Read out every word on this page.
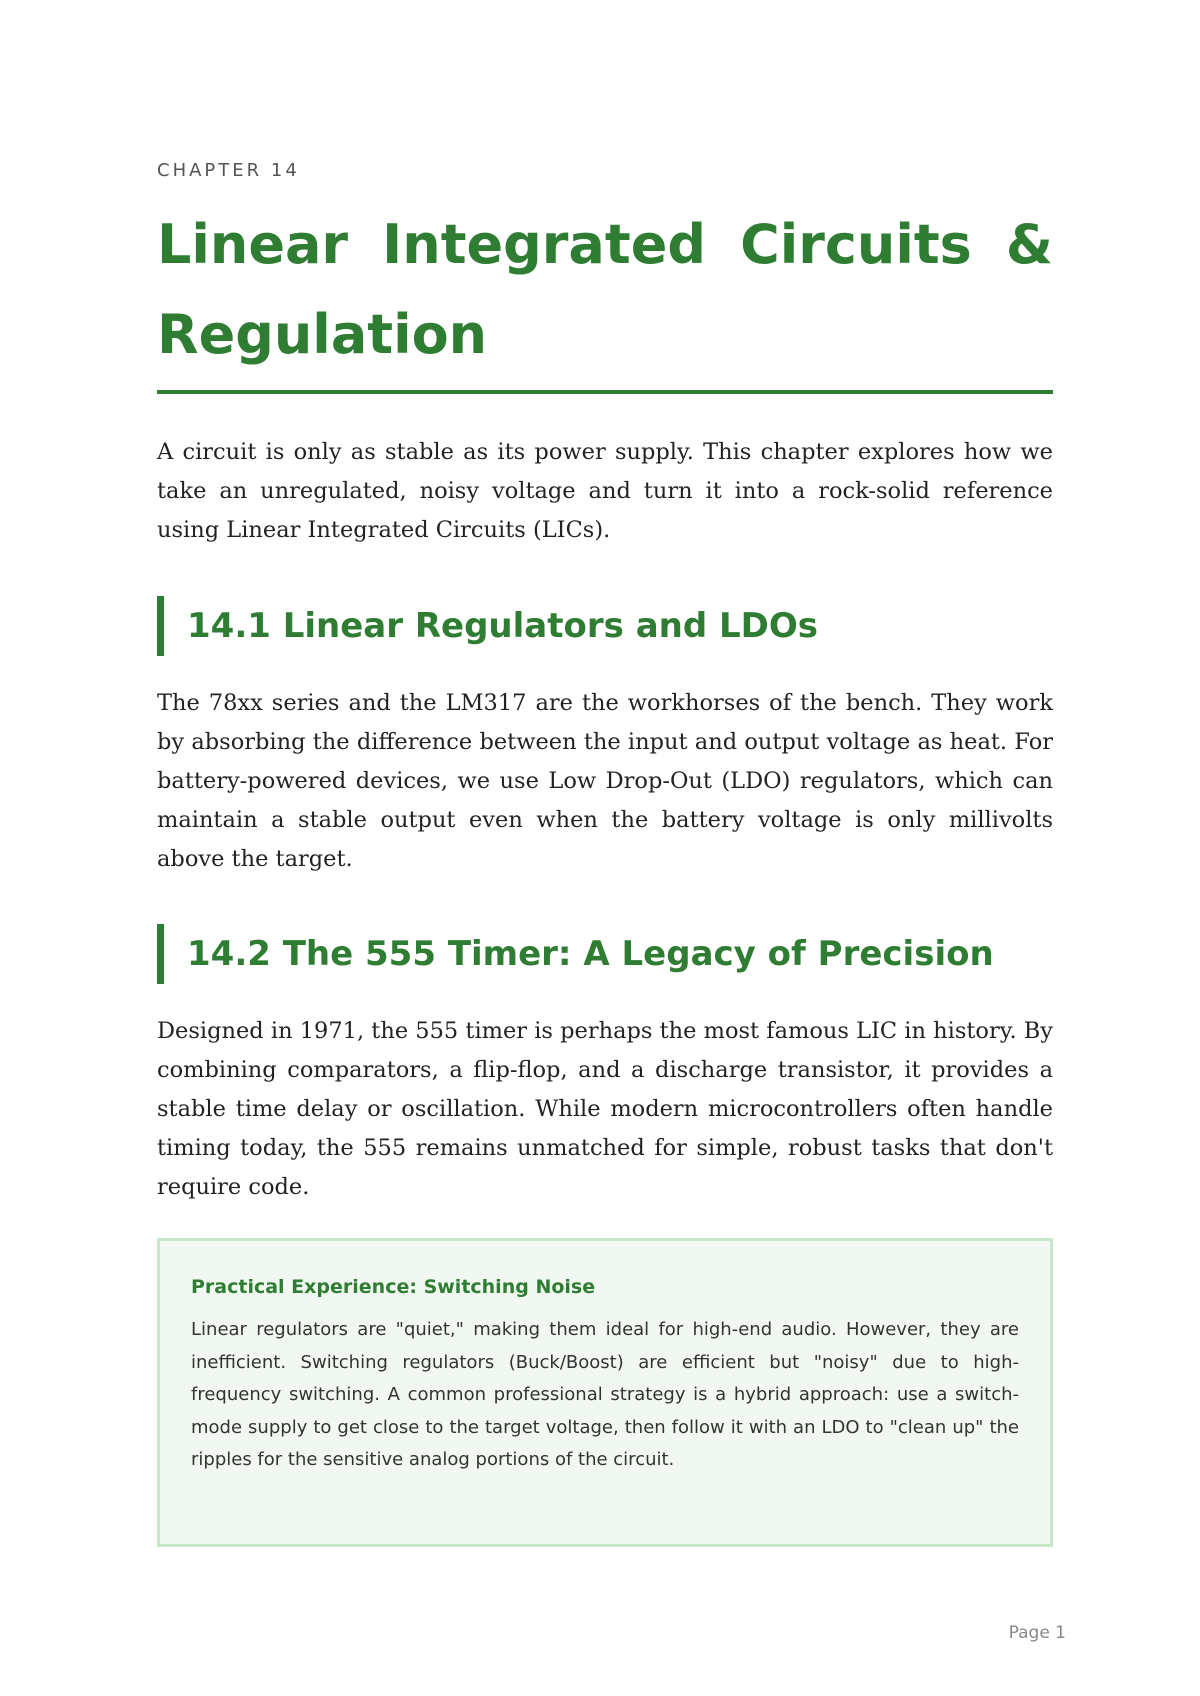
CHAPTER 14
Linear Integrated Circuits & Regulation

A circuit is only as stable as its power supply. This chapter explores how we take an unregulated, noisy voltage and turn it into a rock-solid reference using Linear Integrated Circuits (LICs).

14.1 Linear Regulators and LDOs

The 78xx series and the LM317 are the workhorses of the bench. They work by absorbing the difference between the input and output voltage as heat. For battery-powered devices, we use Low Drop-Out (LDO) regulators, which can maintain a stable output even when the battery voltage is only millivolts above the target.

14.2 The 555 Timer: A Legacy of Precision

Designed in 1971, the 555 timer is perhaps the most famous LIC in history. By combining comparators, a flip-flop, and a discharge transistor, it provides a stable time delay or oscillation. While modern microcontrollers often handle timing today, the 555 remains unmatched for simple, robust tasks that don't require code.

Practical Experience: Switching Noise

Linear regulators are "quiet," making them ideal for high-end audio. However, they are inefficient. Switching regulators (Buck/Boost) are efficient but "noisy" due to high-frequency switching. A common professional strategy is a hybrid approach: use a switch-mode supply to get close to the target voltage, then follow it with an LDO to "clean up" the ripples for the sensitive analog portions of the circuit.

Page 1
